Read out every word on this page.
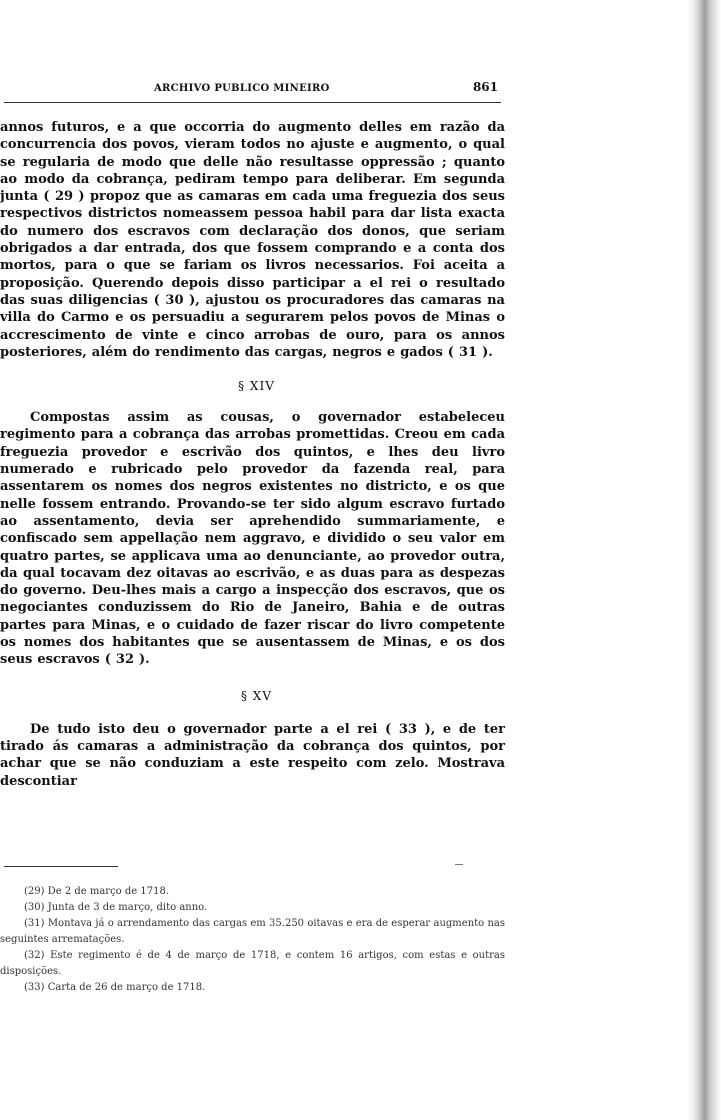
ARCHIVO PUBLICO MINEIRO	861

annos futuros, e a que occorria do augmento delles em razão da concurrencia dos povos, vieram todos no ajuste e augmento, o qual se regularia de modo que delle não resultasse oppressão ; quanto ao modo da cobrança, pediram tempo para deliberar. Em segunda junta ( 29 ) propoz que as camaras em cada uma freguezia dos seus respectivos districtos nomeassem pessoa habil para dar lista exacta do numero dos escravos com declaração dos donos, que seriam obrigados a dar entrada, dos que fossem comprando e a conta dos mortos, para o que se fariam os livros necessarios. Foi aceita a proposição. Querendo depois disso participar a el rei o resultado das suas diligencias ( 30 ), ajustou os procuradores das camaras na villa do Carmo e os persuadiu a segurarem pelos povos de Minas o accrescimento de vinte e cinco arrobas de ouro, para os annos posteriores, além do rendimento das cargas, negros e gados ( 31 ).

§ XIV

Compostas assim as cousas, o governador estabeleceu regimento para a cobrança das arrobas promettidas. Creou em cada freguezia provedor e escrivão dos quintos, e lhes deu livro numerado e rubricado pelo provedor da fazenda real, para assentarem os nomes dos negros existentes no districto, e os que nelle fossem entrando. Provando-se ter sido algum escravo furtado ao assentamento, devia ser aprehendido summariamente, e confiscado sem appellação nem aggravo, e dividido o seu valor em quatro partes, se applicava uma ao denunciante, ao provedor outra, da qual tocavam dez oitavas ao escrivão, e as duas para as despezas do governo. Deu-lhes mais a cargo a inspecção dos escravos, que os negociantes conduzissem do Rio de Janeiro, Bahia e de outras partes para Minas, e o cuidado de fazer riscar do livro competente os nomes dos habitantes que se ausentassem de Minas, e os dos seus escravos ( 32 ).

§ XV

De tudo isto deu o governador parte a el rei ( 33 ), e de ter tirado ás camaras a administração da cobrança dos quintos, por achar que se não conduziam a este respeito com zelo. Mostrava descontiar

(29) De 2 de março de 1718.

(30) Junta de 3 de março, dito anno.

(31) Montava já o arrendamento das cargas em 35.250 oitavas e era de esperar augmento nas seguintes arrematações.

(32) Este regimento é de 4 de março de 1718, e contem 16 artigos, com estas e outras disposições.

(33) Carta de 26 de março de 1718.
